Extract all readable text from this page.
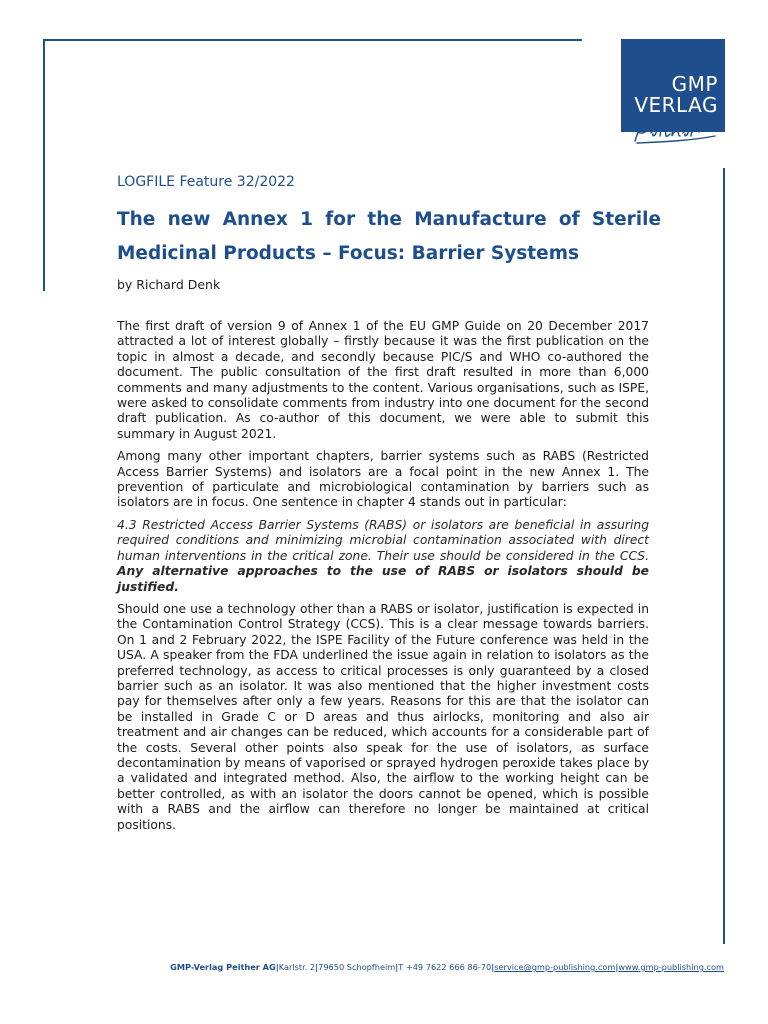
GMP
VERLAG
LOGFILE Feature 32/2022
The new Annex 1 for the Manufacture of Sterile Medicinal Products – Focus: Barrier Systems
by Richard Denk

The first draft of version 9 of Annex 1 of the EU GMP Guide on 20 December 2017 attracted a lot of interest globally – firstly because it was the first publication on the topic in almost a decade, and secondly because PIC/S and WHO co-authored the document. The public consultation of the first draft resulted in more than 6,000 comments and many adjustments to the content. Various organisations, such as ISPE, were asked to consolidate comments from industry into one document for the second draft publication. As co-author of this document, we were able to submit this summary in August 2021.

Among many other important chapters, barrier systems such as RABS (Restricted Access Barrier Systems) and isolators are a focal point in the new Annex 1. The prevention of particulate and microbiological contamination by barriers such as isolators are in focus. One sentence in chapter 4 stands out in particular:

4.3 Restricted Access Barrier Systems (RABS) or isolators are beneficial in assuring required conditions and minimizing microbial contamination associated with direct human interventions in the critical zone. Their use should be considered in the CCS. Any alternative approaches to the use of RABS or isolators should be justified.

Should one use a technology other than a RABS or isolator, justification is expected in the Contamination Control Strategy (CCS). This is a clear message towards barriers. On 1 and 2 February 2022, the ISPE Facility of the Future conference was held in the USA. A speaker from the FDA underlined the issue again in relation to isolators as the preferred technology, as access to critical processes is only guaranteed by a closed barrier such as an isolator. It was also mentioned that the higher investment costs pay for themselves after only a few years. Reasons for this are that the isolator can be installed in Grade C or D areas and thus airlocks, monitoring and also air treatment and air changes can be reduced, which accounts for a considerable part of the costs. Several other points also speak for the use of isolators, as surface decontamination by means of vaporised or sprayed hydrogen peroxide takes place by a validated and integrated method. Also, the airflow to the working height can be better controlled, as with an isolator the doors cannot be opened, which is possible with a RABS and the airflow can therefore no longer be maintained at critical positions.

GMP-Verlag Peither AG|Karlstr. 2|79650 Schopfheim|T +49 7622 666 86-70|service@gmp-publishing.com|www.gmp-publishing.com
